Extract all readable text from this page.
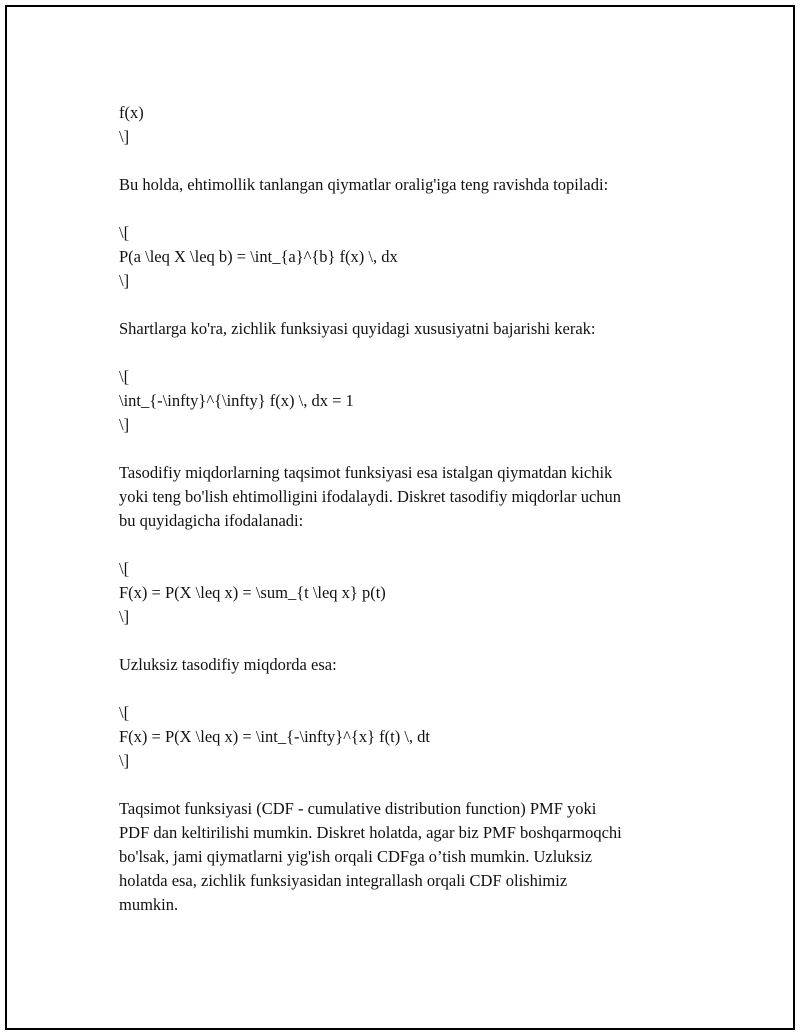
f(x)
\]
Bu holda, ehtimollik tanlangan qiymatlar oralig'iga teng ravishda topiladi:
\[
P(a \leq X \leq b) = \int_{a}^{b} f(x) \, dx
\]
Shartlarga ko'ra, zichlik funksiyasi quyidagi xususiyatni bajarishi kerak:
\[
\int_{-\infty}^{\infty} f(x) \, dx = 1
\]
Tasodifiy miqdorlarning taqsimot funksiyasi esa istalgan qiymatdan kichik
yoki teng bo'lish ehtimolligini ifodalaydi. Diskret tasodifiy miqdorlar uchun
bu quyidagicha ifodalanadi:
\[
F(x) = P(X \leq x) = \sum_{t \leq x} p(t)
\]
Uzluksiz tasodifiy miqdorda esa:
\[
F(x) = P(X \leq x) = \int_{-\infty}^{x} f(t) \, dt
\]
Taqsimot funksiyasi (CDF - cumulative distribution function) PMF yoki
PDF dan keltirilishi mumkin. Diskret holatda, agar biz PMF boshqarmoqchi
bo'lsak, jami qiymatlarni yig'ish orqali CDFga o’tish mumkin. Uzluksiz
holatda esa, zichlik funksiyasidan integrallash orqali CDF olishimiz
mumkin.
